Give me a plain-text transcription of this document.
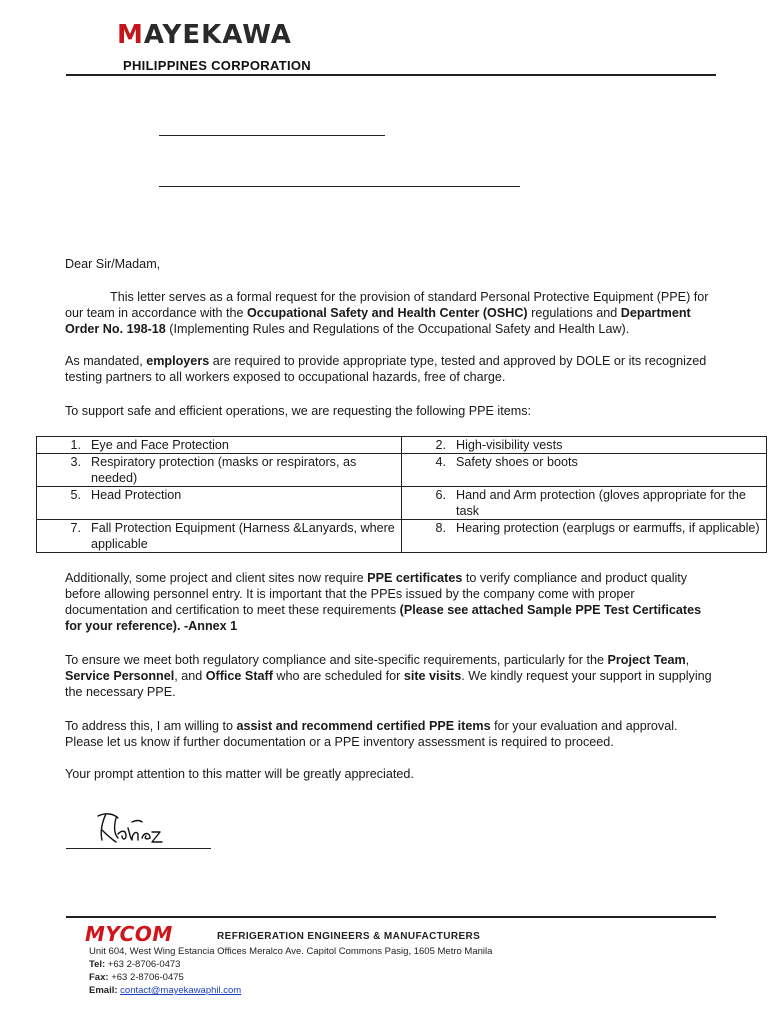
MAYEKAWA
PHILIPPINES CORPORATION

Dear Sir/Madam,

This letter serves as a formal request for the provision of standard Personal Protective Equipment (PPE) for our team in accordance with the Occupational Safety and Health Center (OSHC) regulations and Department Order No. 198-18 (Implementing Rules and Regulations of the Occupational Safety and Health Law).

As mandated, employers are required to provide appropriate type, tested and approved by DOLE or its recognized testing partners to all workers exposed to occupational hazards, free of charge.

To support safe and efficient operations, we are requesting the following PPE items:

1. Eye and Face Protection	2. High-visibility vests

3. Respiratory protection (masks or respirators, as needed)	4. Safety shoes or boots

5. Head Protection	6. Hand and Arm protection (gloves appropriate for the task

7. Fall Protection Equipment (Harness &Lanyards, where applicable	8. Hearing protection (earplugs or earmuffs, if applicable)

Additionally, some project and client sites now require PPE certificates to verify compliance and product quality before allowing personnel entry. It is important that the PPEs issued by the company come with proper documentation and certification to meet these requirements (Please see attached Sample PPE Test Certificates for your reference). -Annex 1

To ensure we meet both regulatory compliance and site-specific requirements, particularly for the Project Team, Service Personnel, and Office Staff who are scheduled for site visits. We kindly request your support in supplying the necessary PPE.

To address this, I am willing to assist and recommend certified PPE items for your evaluation and approval. Please let us know if further documentation or a PPE inventory assessment is required to proceed.

Your prompt attention to this matter will be greatly appreciated.

MYCOM	REFRIGERATION ENGINEERS & MANUFACTURERS
Unit 604, West Wing Estancia Offices Meralco Ave. Capitol Commons Pasig, 1605 Metro Manila
Tel: +63 2-8706-0473
Fax: +63 2-8706-0475
Email: contact@mayekawaphil.com
